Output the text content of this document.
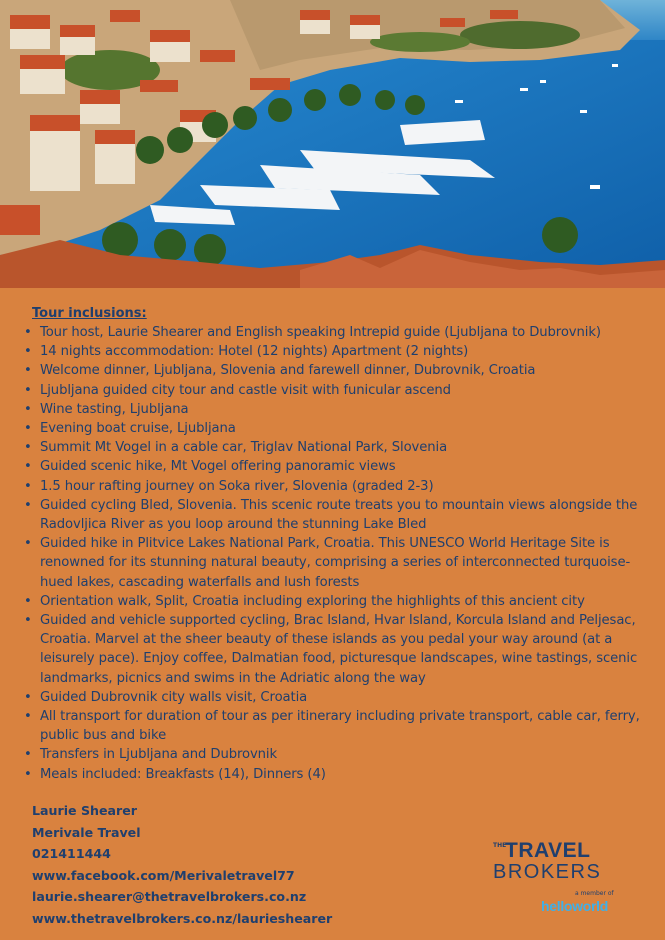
Tour inclusions:
• Tour host, Laurie Shearer and English speaking Intrepid guide (Ljubljana to Dubrovnik)
• 14 nights accommodation: Hotel (12 nights) Apartment (2 nights)
• Welcome dinner, Ljubljana, Slovenia and farewell dinner, Dubrovnik, Croatia
• Ljubljana guided city tour and castle visit with funicular ascend
• Wine tasting, Ljubljana
• Evening boat cruise, Ljubljana
• Summit Mt Vogel in a cable car, Triglav National Park, Slovenia
• Guided scenic hike, Mt Vogel offering panoramic views
• 1.5 hour rafting journey on Soka river, Slovenia (graded 2-3)
• Guided cycling Bled, Slovenia. This scenic route treats you to mountain views alongside the Radovljica River as you loop around the stunning Lake Bled
• Guided hike in Plitvice Lakes National Park, Croatia. This UNESCO World Heritage Site is renowned for its stunning natural beauty, comprising a series of interconnected turquoise-hued lakes, cascading waterfalls and lush forests
• Orientation walk, Split, Croatia including exploring the highlights of this ancient city
• Guided and vehicle supported cycling, Brac Island, Hvar Island, Korcula Island and Peljesac, Croatia. Marvel at the sheer beauty of these islands as you pedal your way around (at a leisurely pace). Enjoy coffee, Dalmatian food, picturesque landscapes, wine tastings, scenic landmarks, picnics and swims in the Adriatic along the way
• Guided Dubrovnik city walls visit, Croatia
• All transport for duration of tour as per itinerary including private transport, cable car, ferry, public bus and bike
• Transfers in Ljubljana and Dubrovnik
• Meals included: Breakfasts (14), Dinners (4)
Laurie Shearer
Merivale Travel
021411444
www.facebook.com/Merivaletravel77
laurie.shearer@thetravelbrokers.co.nz
www.thetravelbrokers.co.nz/laurieshearer
THE
TRAVEL
BROKERS
a member of
helloworld
